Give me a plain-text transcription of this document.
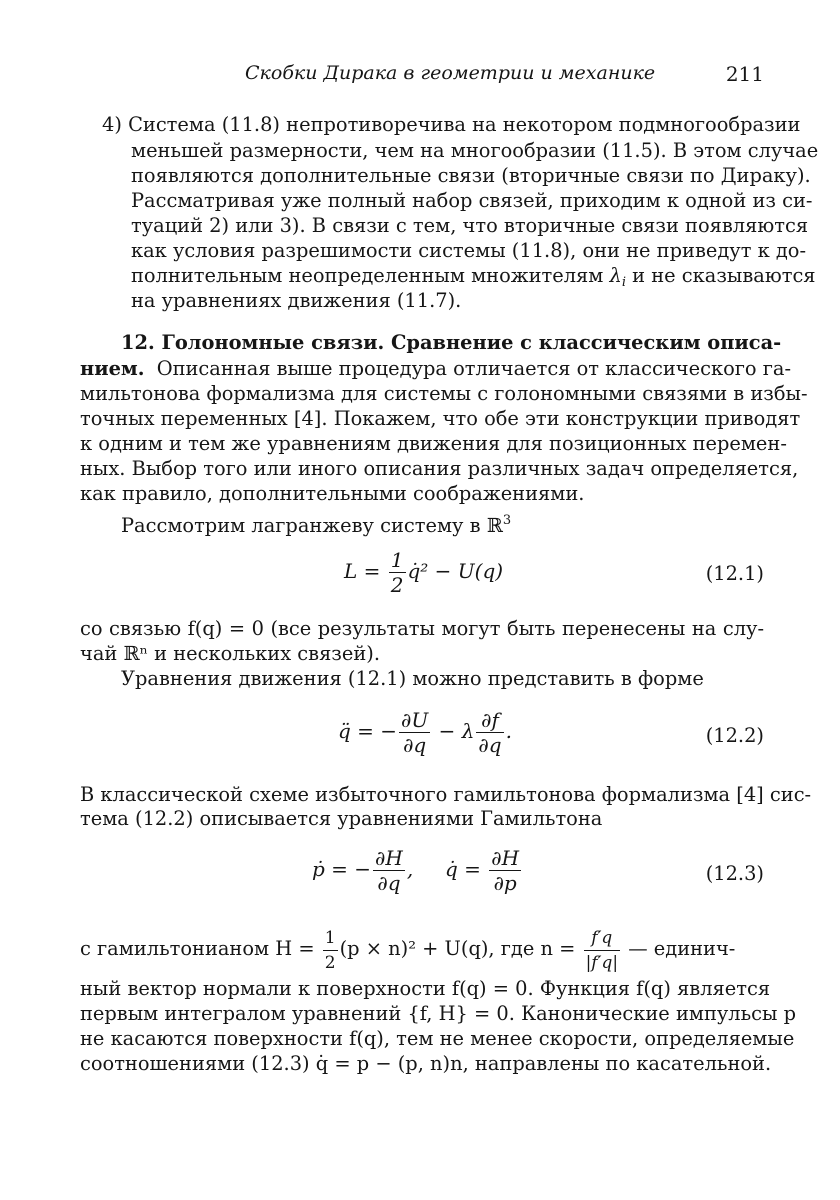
Скобки Дирака в геометрии и механике	211
4) Система (11.8) непротиворечива на некотором подмногообразии
меньшей размерности, чем на многообразии (11.5). В этом случае
появляются дополнительные связи (вторичные связи по Дираку).
Рассматривая уже полный набор связей, приходим к одной из си-
туаций 2) или 3). В связи с тем, что вторичные связи появляются
как условия разрешимости системы (11.8), они не приведут к до-
полнительным неопределенным множителям $\lambda_i$ и не сказываются
на уравнениях движения (11.7).
12. Голономные связи. Сравнение с классическим описа-
нием. Описанная выше процедура отличается от классического га-
мильтонова формализма для системы с голономными связями в избы-
точных переменных [4]. Покажем, что обе эти конструкции приводят
к одним и тем же уравнениям движения для позиционных перемен-
ных. Выбор того или иного описания различных задач определяется,
как правило, дополнительными соображениями.
Рассмотрим лагранжеву систему в ℝ$^3$
$L = \frac{1}{2}$ q̇² − U(q)	(12.1)
со связью f(q) = 0 (все результаты могут быть перенесены на слу-
чай ℝⁿ и нескольких связей).
Уравнения движения (12.1) можно представить в форме
q̈ = − $\frac{\partial U}{\partial q} - \lambda \frac{\partial f}{\partial q}$ .	(12.2)
В классической схеме избыточного гамильтонова формализма [4] сис-
тема (12.2) описывается уравнениями Гамильтона
ṗ = − $\frac{\partial H}{\partial q}$ ,     q̇ = $\frac{\partial H}{\partial p}$	(12.3)
с гамильтонианом $H = \frac{1}{2} (p \times n)^2 + U(q)$, где $n = \frac{f'q}{|f'q|}$ — единич-
ный вектор нормали к поверхности f(q) = 0. Функция f(q) является
первым интегралом уравнений {f, H} = 0. Канонические импульсы p
не касаются поверхности f(q), тем не менее скорости, определяемые
соотношениями (12.3) q̇ = p − (p, n)n, направлены по касательной.
